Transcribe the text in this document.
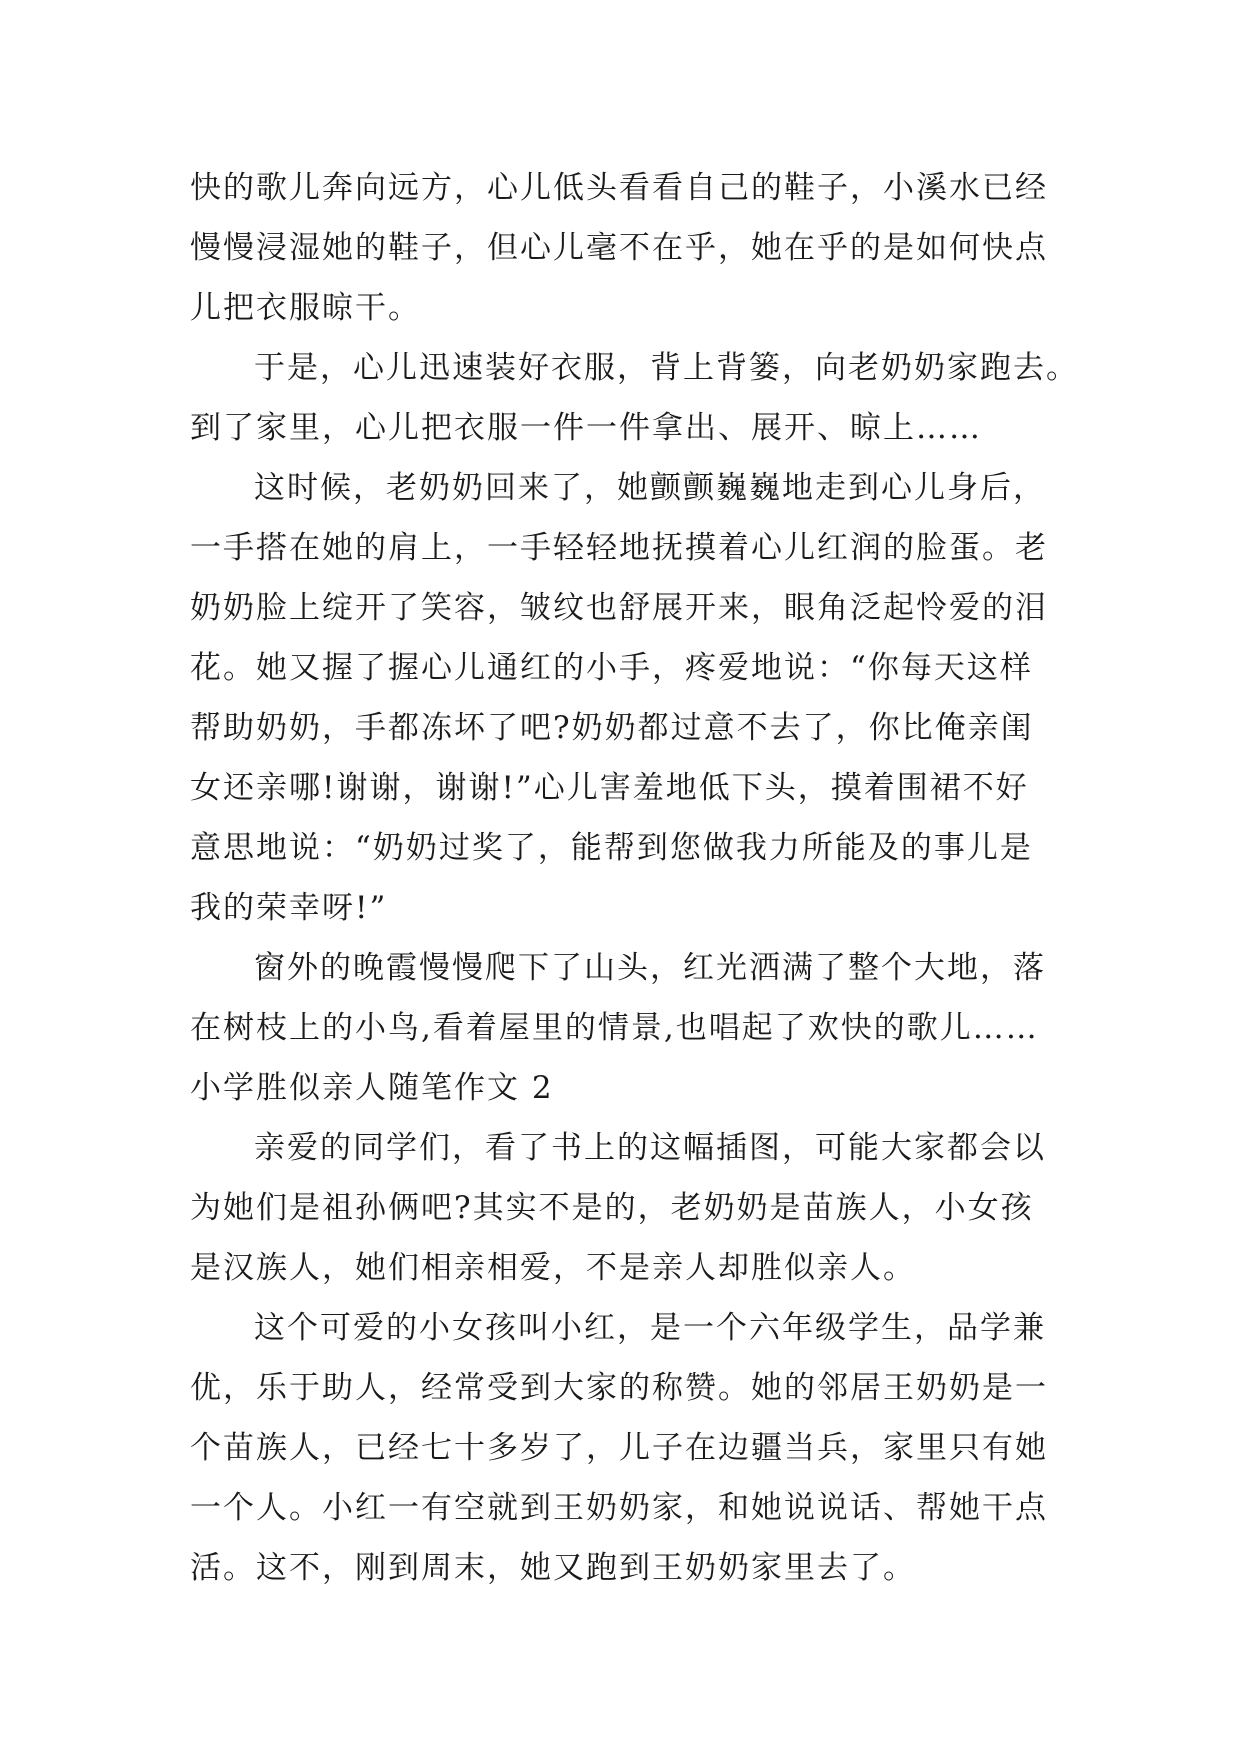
快的歌儿奔向远方，心儿低头看看自己的鞋子，小溪水已经

慢慢浸湿她的鞋子，但心儿毫不在乎，她在乎的是如何快点

儿把衣服晾干。

于是，心儿迅速装好衣服，背上背篓，向老奶奶家跑去。

到了家里，心儿把衣服一件一件拿出、展开、晾上……

这时候，老奶奶回来了，她颤颤巍巍地走到心儿身后，

一手搭在她的肩上，一手轻轻地抚摸着心儿红润的脸蛋。老

奶奶脸上绽开了笑容，皱纹也舒展开来，眼角泛起怜爱的泪

花。她又握了握心儿通红的小手，疼爱地说：“你每天这样

帮助奶奶，手都冻坏了吧?奶奶都过意不去了，你比俺亲闺

女还亲哪!谢谢，谢谢!”心儿害羞地低下头，摸着围裙不好

意思地说：“奶奶过奖了，能帮到您做我力所能及的事儿是

我的荣幸呀!”

窗外的晚霞慢慢爬下了山头，红光洒满了整个大地，落

在树枝上的小鸟,看着屋里的情景,也唱起了欢快的歌儿……

小学胜似亲人随笔作文 2

亲爱的同学们，看了书上的这幅插图，可能大家都会以

为她们是祖孙俩吧?其实不是的，老奶奶是苗族人，小女孩

是汉族人，她们相亲相爱，不是亲人却胜似亲人。

这个可爱的小女孩叫小红，是一个六年级学生，品学兼

优，乐于助人，经常受到大家的称赞。她的邻居王奶奶是一

个苗族人，已经七十多岁了，儿子在边疆当兵，家里只有她

一个人。小红一有空就到王奶奶家，和她说说话、帮她干点

活。这不，刚到周末，她又跑到王奶奶家里去了。
